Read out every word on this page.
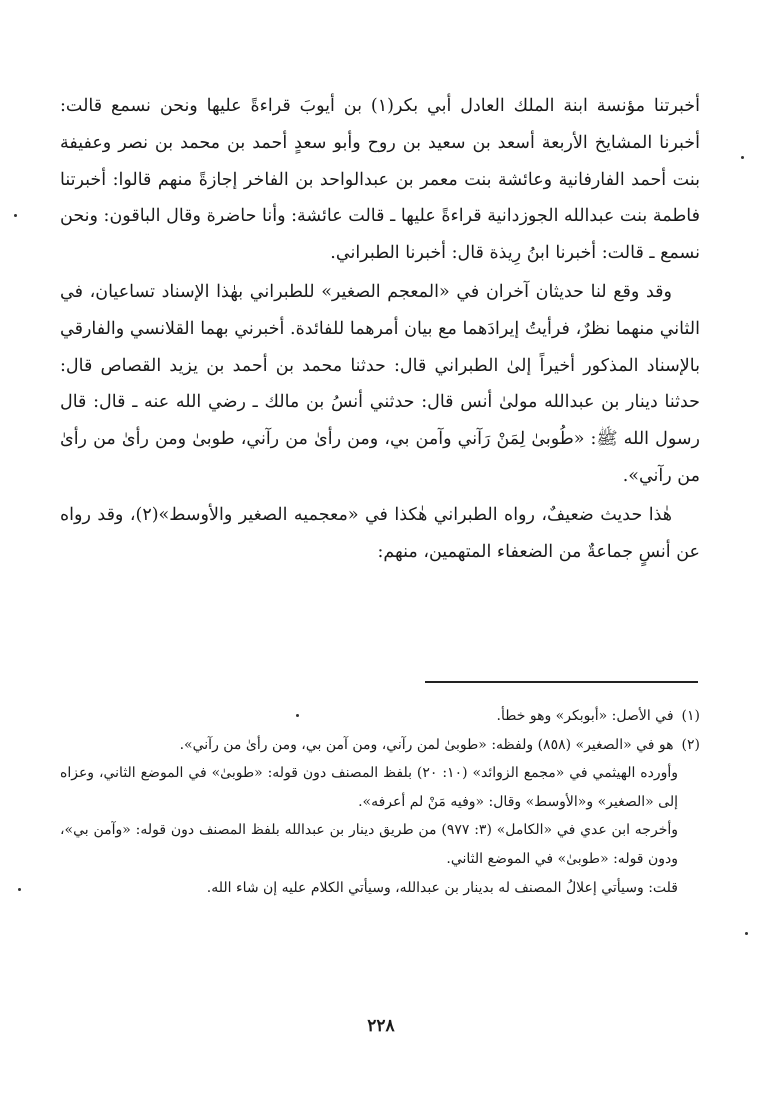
أخبرتنا مؤنسة ابنة الملك العادل أبي بكر(١) بن أيوبَ قراءةً عليها ونحن نسمع قالت: أخبرنا المشايخ الأربعة أسعد بن سعيد بن روح وأبو سعدٍ أحمد بن محمد بن نصر وعفيفة بنت أحمد الفارفانية وعائشة بنت معمر بن عبدالواحد بن الفاخر إجازةً منهم قالوا: أخبرتنا فاطمة بنت عبدالله الجوزدانية قراءةً عليها ـ قالت عائشة: وأنا حاضرة وقال الباقون: ونحن نسمع ـ قالت: أخبرنا ابنُ رِيذة قال: أخبرنا الطبراني.

وقد وقع لنا حديثان آخران في «المعجم الصغير» للطبراني بهٰذا الإسناد تساعيان، في الثاني منهما نظرٌ، فرأيتُ إيرادَهما مع بيان أمرهما للفائدة. أخبرني بهما القلانسي والفارقي بالإسناد المذكور أخيراً إلىٰ الطبراني قال: حدثنا محمد بن أحمد بن يزيد القصاص قال: حدثنا دينار بن عبدالله مولىٰ أنس قال: حدثني أنسُ بن مالك ـ رضي الله عنه ـ قال: قال رسول الله ﷺ: «طُوبىٰ لِمَنْ رَآني وآمن بي، ومن رأىٰ من رآني، طوبىٰ ومن رأىٰ من رأىٰ من رآني».

هٰذا حديث ضعيفٌ، رواه الطبراني هٰكذا في «معجميه الصغير والأوسط»(٢)، وقد رواه عن أنسٍ جماعةٌ من الضعفاء المتهمين، منهم:

(١)في الأصل: «أبوبكر» وهو خطأ.

(٢)هو في «الصغير» (٨٥٨) ولفظه: «طوبىٰ لمن رآني، ومن آمن بي، ومن رأىٰ من رآني».

وأورده الهيثمي في «مجمع الزوائد» (١٠: ٢٠) بلفظ المصنف دون قوله: «طوبىٰ» في الموضع الثاني، وعزاه إلى «الصغير» و«الأوسط» وقال: «وفيه مَنْ لم أعرفه».

وأخرجه ابن عدي في «الكامل» (٣: ٩٧٧) من طريق دينار بن عبدالله بلفظ المصنف دون قوله: «وآمن بي»، ودون قوله: «طوبىٰ» في الموضع الثاني.

قلت: وسيأتي إعلالُ المصنف له بدينار بن عبدالله، وسيأتي الكلام عليه إن شاء الله.

٢٢٨
